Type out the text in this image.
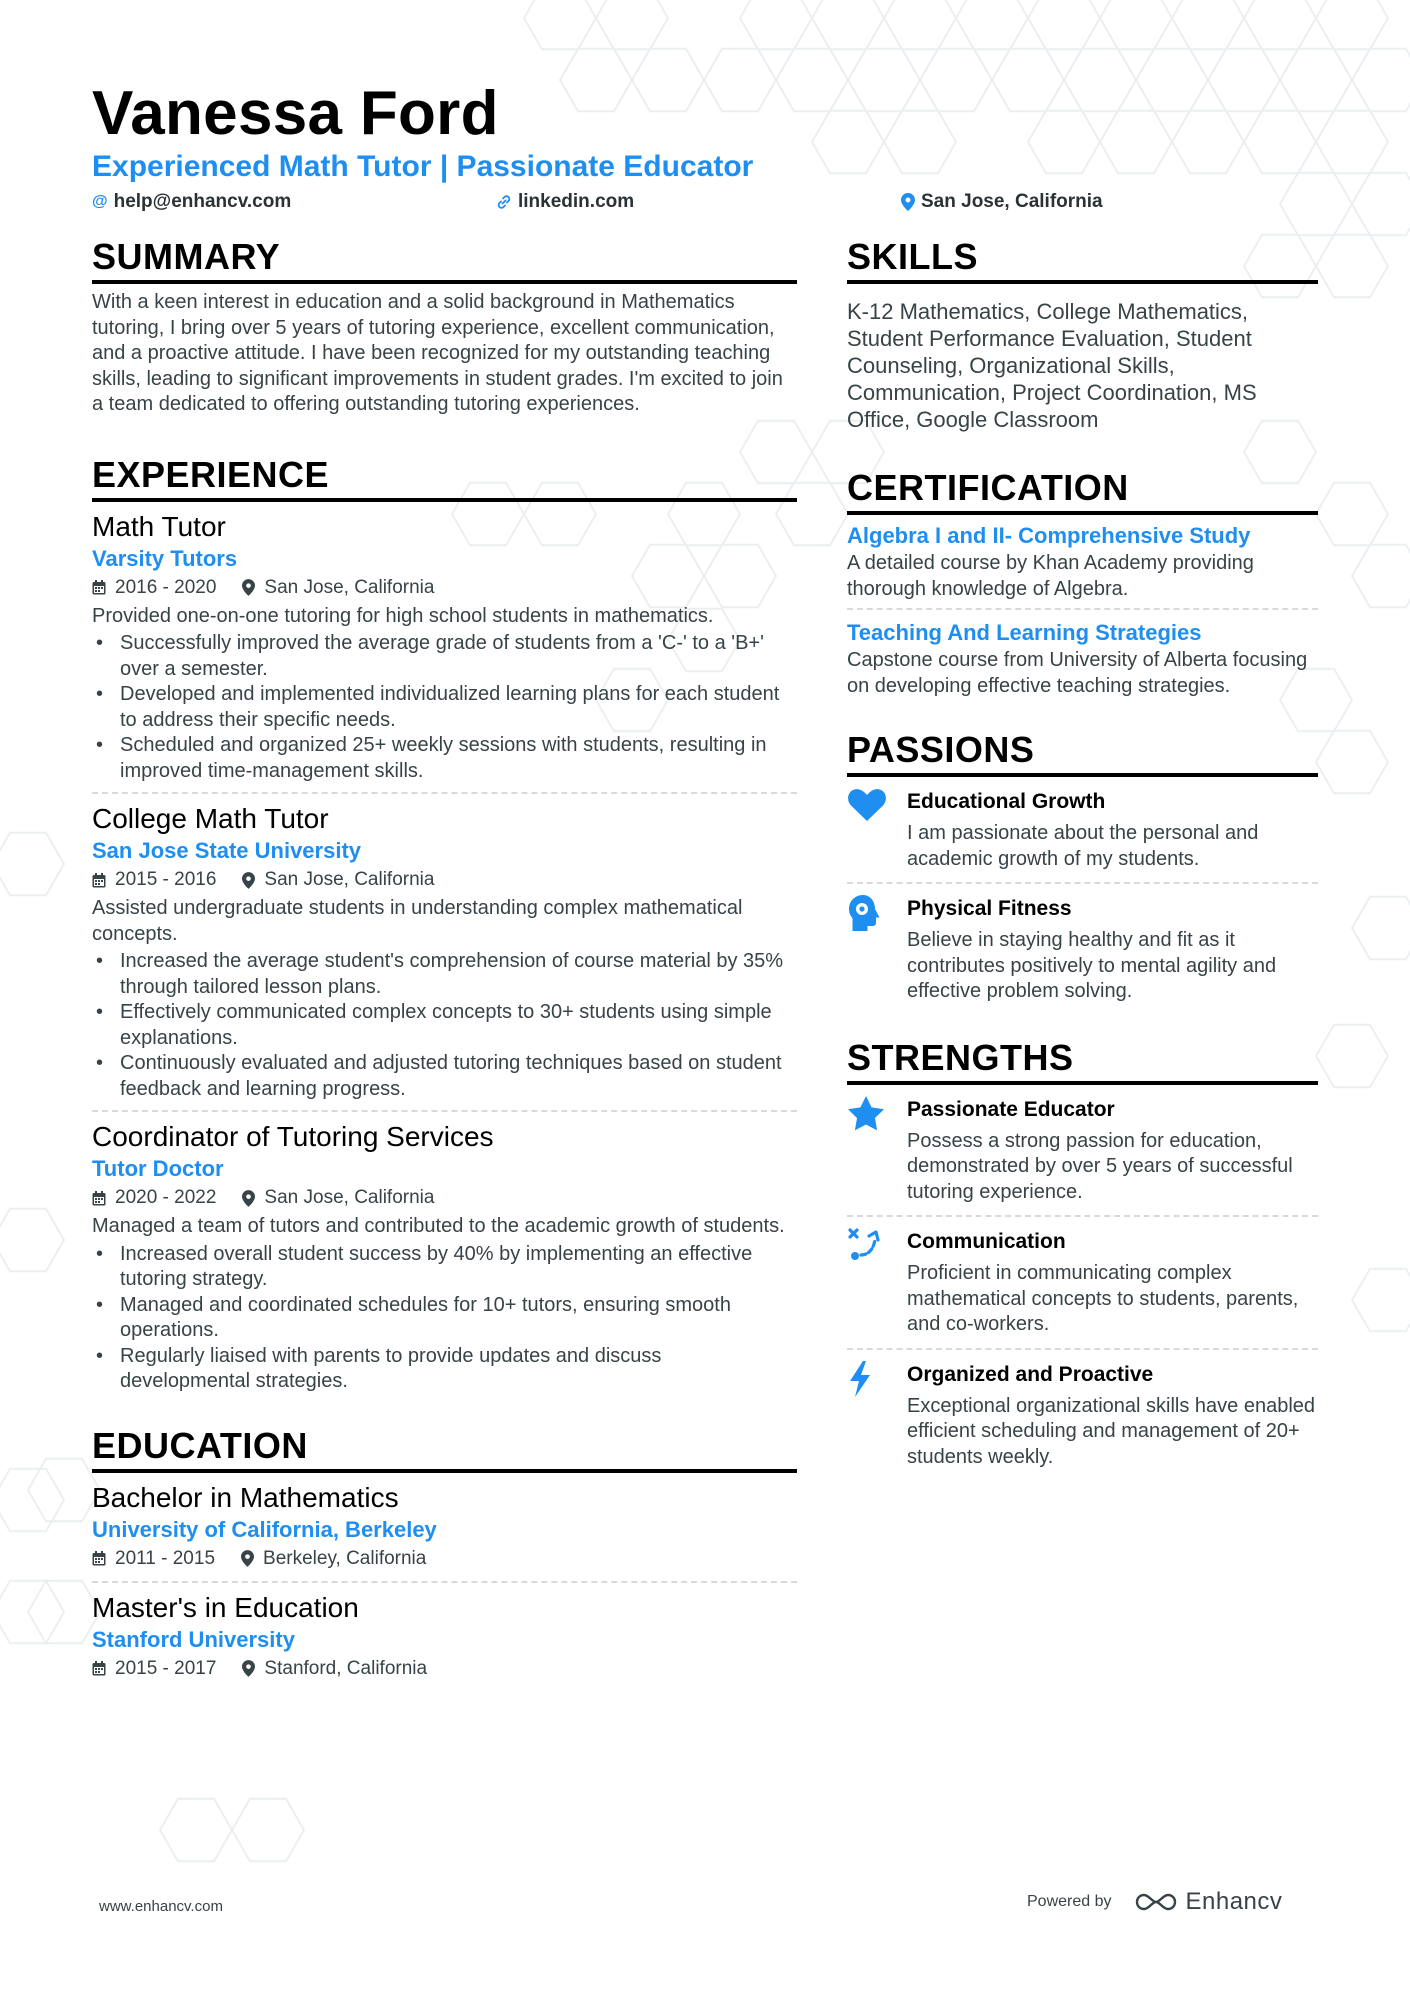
Vanessa Ford
Experienced Math Tutor | Passionate Educator
@ help@enhancv.com	linkedin.com	San Jose, California
SUMMARY

With a keen interest in education and a solid background in Mathematics tutoring, I bring over 5 years of tutoring experience, excellent communication, and a proactive attitude. I have been recognized for my outstanding teaching skills, leading to significant improvements in student grades. I'm excited to join a team dedicated to offering outstanding tutoring experiences.

EXPERIENCE
Math Tutor
Varsity Tutors
2016 - 2020	San Jose, California
Provided one-on-one tutoring for high school students in mathematics.
• Successfully improved the average grade of students from a 'C-' to a 'B+' over a semester.
• Developed and implemented individualized learning plans for each student to address their specific needs.
• Scheduled and organized 25+ weekly sessions with students, resulting in improved time-management skills.
College Math Tutor
San Jose State University
2015 - 2016	San Jose, California
Assisted undergraduate students in understanding complex mathematical concepts.
• Increased the average student's comprehension of course material by 35% through tailored lesson plans.
• Effectively communicated complex concepts to 30+ students using simple explanations.
• Continuously evaluated and adjusted tutoring techniques based on student feedback and learning progress.
Coordinator of Tutoring Services
Tutor Doctor
2020 - 2022	San Jose, California
Managed a team of tutors and contributed to the academic growth of students.
• Increased overall student success by 40% by implementing an effective tutoring strategy.
• Managed and coordinated schedules for 10+ tutors, ensuring smooth operations.
• Regularly liaised with parents to provide updates and discuss developmental strategies.
EDUCATION
Bachelor in Mathematics
University of California, Berkeley
2011 - 2015	Berkeley, California
Master's in Education
Stanford University
2015 - 2017	Stanford, California
SKILLS

K-12 Mathematics, College Mathematics, Student Performance Evaluation, Student Counseling, Organizational Skills, Communication, Project Coordination, MS Office, Google Classroom

CERTIFICATION
Algebra I and II- Comprehensive Study
A detailed course by Khan Academy providing thorough knowledge of Algebra.
Teaching And Learning Strategies
Capstone course from University of Alberta focusing on developing effective teaching strategies.
PASSIONS
Educational Growth
I am passionate about the personal and academic growth of my students.
Physical Fitness
Believe in staying healthy and fit as it contributes positively to mental agility and effective problem solving.
STRENGTHS
Passionate Educator
Possess a strong passion for education, demonstrated by over 5 years of successful tutoring experience.
Communication
Proficient in communicating complex mathematical concepts to students, parents, and co-workers.
Organized and Proactive
Exceptional organizational skills have enabled efficient scheduling and management of 20+ students weekly.
www.enhancv.com	Powered by	Enhancv
